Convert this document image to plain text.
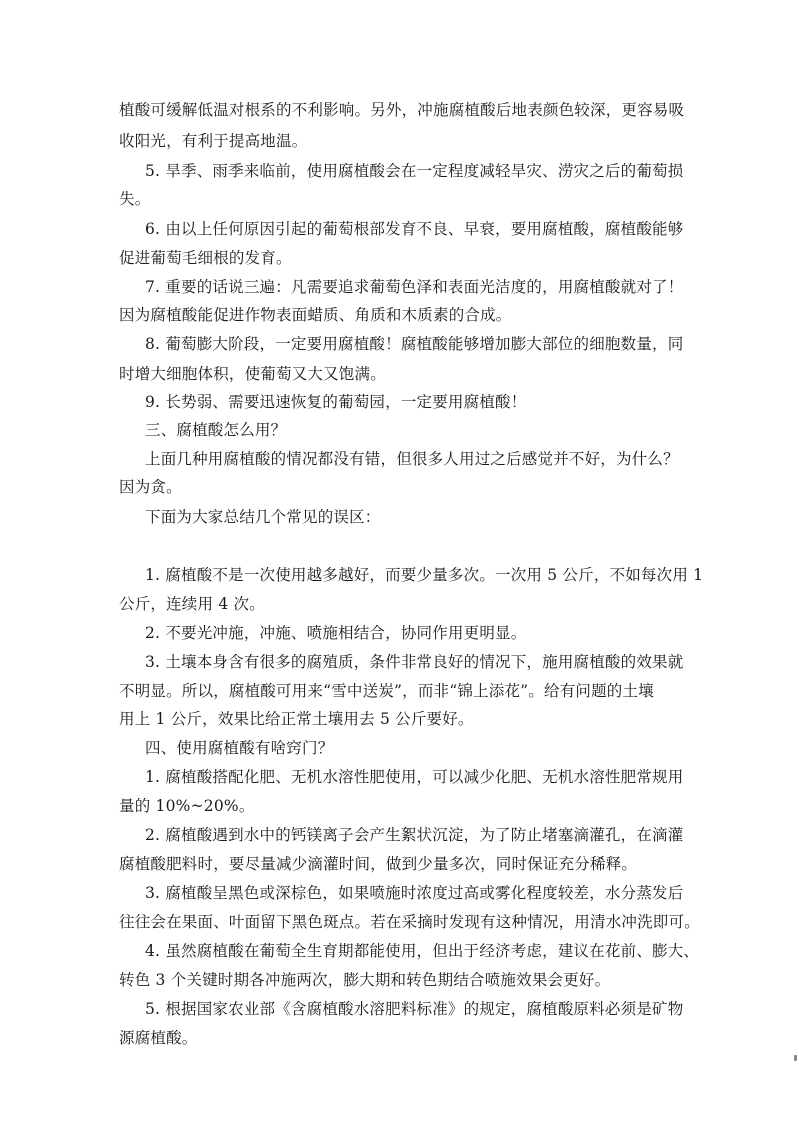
植酸可缓解低温对根系的不利影响。另外，冲施腐植酸后地表颜色较深，更容易吸
收阳光，有利于提高地温。
5. 旱季、雨季来临前，使用腐植酸会在一定程度减轻旱灾、涝灾之后的葡萄损
失。
6. 由以上任何原因引起的葡萄根部发育不良、早衰，要用腐植酸，腐植酸能够
促进葡萄毛细根的发育。
7. 重要的话说三遍：凡需要追求葡萄色泽和表面光洁度的，用腐植酸就对了！
因为腐植酸能促进作物表面蜡质、角质和木质素的合成。
8. 葡萄膨大阶段，一定要用腐植酸！腐植酸能够增加膨大部位的细胞数量，同
时增大细胞体积，使葡萄又大又饱满。
9. 长势弱、需要迅速恢复的葡萄园，一定要用腐植酸！
三、腐植酸怎么用？
上面几种用腐植酸的情况都没有错，但很多人用过之后感觉并不好，为什么？
因为贪。
下面为大家总结几个常见的误区：
1. 腐植酸不是一次使用越多越好，而要少量多次。一次用 5 公斤，不如每次用 1
公斤，连续用 4 次。
2. 不要光冲施，冲施、喷施相结合，协同作用更明显。
3. 土壤本身含有很多的腐殖质，条件非常良好的情况下，施用腐植酸的效果就
不明显。所以，腐植酸可用来“雪中送炭”，而非“锦上添花”。给有问题的土壤
用上 1 公斤，效果比给正常土壤用去 5 公斤要好。
四、使用腐植酸有啥窍门？
1. 腐植酸搭配化肥、无机水溶性肥使用，可以减少化肥、无机水溶性肥常规用
量的 10%~20%。
2. 腐植酸遇到水中的钙镁离子会产生絮状沉淀，为了防止堵塞滴灌孔，在滴灌
腐植酸肥料时，要尽量减少滴灌时间，做到少量多次，同时保证充分稀释。
3. 腐植酸呈黑色或深棕色，如果喷施时浓度过高或雾化程度较差，水分蒸发后
往往会在果面、叶面留下黑色斑点。若在采摘时发现有这种情况，用清水冲洗即可。
4. 虽然腐植酸在葡萄全生育期都能使用，但出于经济考虑，建议在花前、膨大、
转色 3 个关键时期各冲施两次，膨大期和转色期结合喷施效果会更好。
5. 根据国家农业部《含腐植酸水溶肥料标准》的规定，腐植酸原料必须是矿物
源腐植酸。
